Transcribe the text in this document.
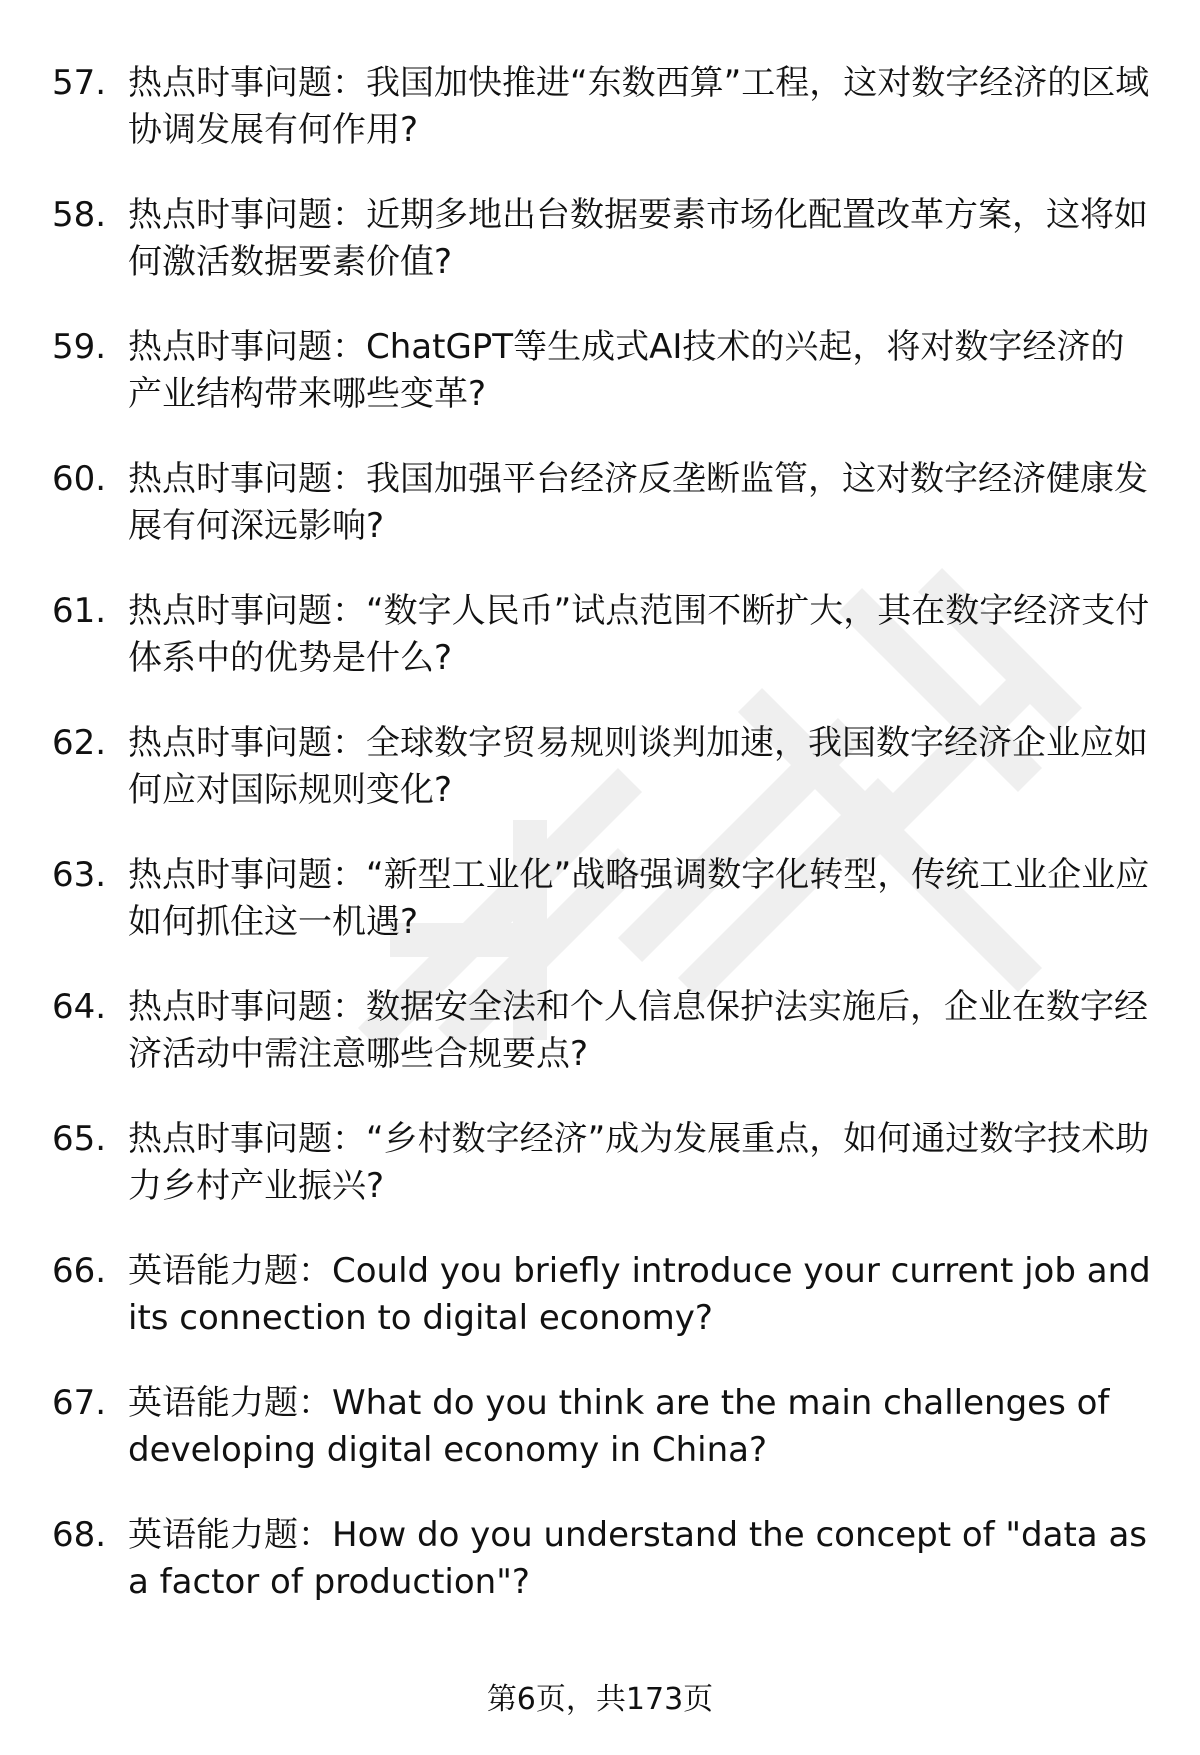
57. 热点时事问题：我国加快推进“东数西算”工程，这对数字经济的区域协调发展有何作用?
58. 热点时事问题：近期多地出台数据要素市场化配置改革方案，这将如何激活数据要素价值?
59. 热点时事问题：ChatGPT等生成式AI技术的兴起，将对数字经济的产业结构带来哪些变革?
60. 热点时事问题：我国加强平台经济反垄断监管，这对数字经济健康发展有何深远影响?
61. 热点时事问题：“数字人民币”试点范围不断扩大，其在数字经济支付体系中的优势是什么?
62. 热点时事问题：全球数字贸易规则谈判加速，我国数字经济企业应如何应对国际规则变化?
63. 热点时事问题：“新型工业化”战略强调数字化转型，传统工业企业应如何抓住这一机遇?
64. 热点时事问题：数据安全法和个人信息保护法实施后，企业在数字经济活动中需注意哪些合规要点?
65. 热点时事问题：“乡村数字经济”成为发展重点，如何通过数字技术助力乡村产业振兴?
66. 英语能力题：Could you briefly introduce your current job and its connection to digital economy?
67. 英语能力题：What do you think are the main challenges of developing digital economy in China?
68. 英语能力题：How do you understand the concept of "data as a factor of production"?
第6页，共173页
